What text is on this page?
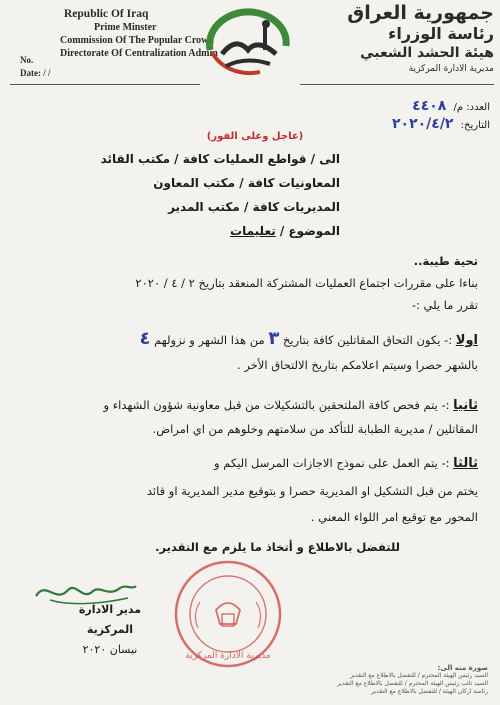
Republic Of Iraq
Prime Minster
Commission Of The Popular Crowd
Directorate Of Centralization Admin
No.
Date: / /
جمهورية العراق
رئاسة الوزراء
هيئة الحشد الشعبي
مديرية الادارة المركزية
العدد: م/ ٤٤٠٨
التاريخ: ٢٠٢٠/٤/٢
(عاجل وعلى الفور)
الى / قواطع العمليات كافة / مكتب القائد
المعاونيات كافة / مكتب المعاون
المديريات كافة / مكتب المدير
الموضوع / تعليمات
تحية طيبة..
بناءا على مقررات اجتماع العمليات المشتركة المنعقد بتاريخ ٢ / ٤ / ٢٠٢٠
تقرر ما يلي :-
اولا :- يكون التحاق المقاتلين كافة بتاريخ ٣ من هذا الشهر و نزولهم ٤
بالشهر حصرا وسيتم اعلامكم بتاريخ الالتحاق الأخر .
ثانيا :- يتم فحص كافة الملتحقين بالتشكيلات من قبل معاونية شؤون الشهداء و
المقاتلين / مديرية الطبابة للتأكد من سلامتهم وخلوهم من اي امراض.
ثالثا :- يتم العمل على نموذج الاجازات المرسل اليكم و
يختم من قبل التشكيل او المديرية حصرا و بتوقيع مدير المديرية او قائد
المحور مع توقيع امر اللواء المعني .
للتفضل بالاطلاع و أتخاذ ما يلزم مع التقدير.
مدير الادارة المركزية
نيسان ٢٠٢٠	مديرية الادارة المركزية
صورة منه الى:
السيد رئيس الهيئة المحترم / للتفضل بالاطلاع مع التقدير
السيد نائب رئيس الهيئة المحترم / للتفضل بالاطلاع مع التقدير
رئاسة اركان الهيئة / للتفضل بالاطلاع مع التقدير
